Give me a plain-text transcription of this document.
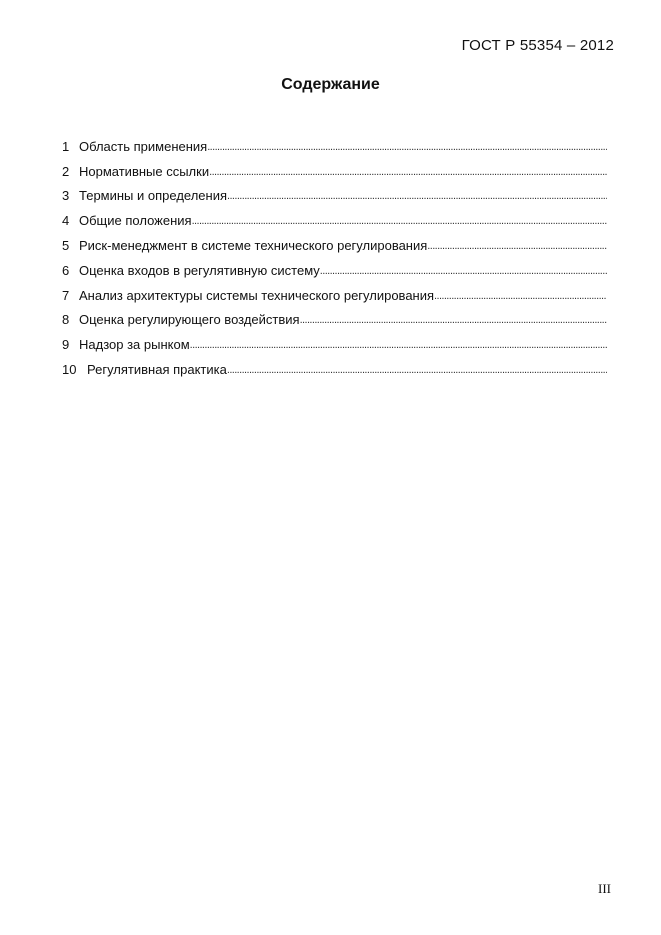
ГОСТ Р 55354 – 2012
Содержание
1 Область применения
.....
2 Нормативные ссылки
.....
3 Термины и определения
.....
4 Общие положения
.....
5 Риск-менеджмент в системе технического регулирования
.....
6 Оценка входов в регулятивную систему
.....
7 Анализ архитектуры системы технического регулирования
.....
8 Оценка регулирующего воздействия
.....
9 Надзор за рынком
.....
10 Регулятивная практика
.....
III
